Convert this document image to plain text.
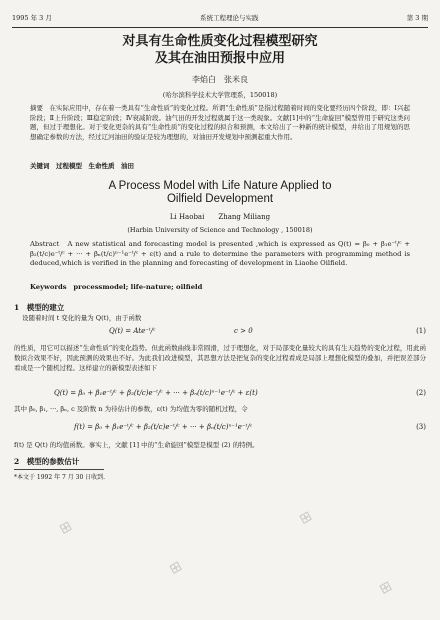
1995 年 3 月	系统工程理论与实践	第 3 期
对具有生命性质变化过程模型研究
及其在油田预报中应用
李焰白　张米良
(哈尔滨科学技术大学管理系，150018)
摘要　在实际应用中，存在着一类具有“生命性质”的变化过程。所谓“生命性质”是指过程随着时间的变化要经历四个阶段，即：Ⅰ兴起阶段；Ⅱ上升阶段；Ⅲ稳定阶段；Ⅳ衰减阶段。油气田的开发过程就属于这一类现象。文献[1]中的“生命旋回”模型曾用于研究这类问题，但过于理想化。对于变化更杂的具有“生命性质”的变化过程的拟合和预测，本文给出了一种新的统计模型，并给出了用规划的思想确定参数的方法，经过辽河油田的验证是较为理想的，对油田开发规划中预测起重大作用。
关键词　过程模型　生命性质　油田
A Process Model with Life Nature Applied to
Oilfield Development
Li Haobai　　Zhang Miliang
(Harbin University of Science and Technology , 150018)
Abstract　A new statistical and forecasting model is presented ,which is expressed as Q(t) = β₀ + β₁e⁻ᵗ/ᶜ + β₂(t/c)e⁻ᵗ/ᶜ + ··· + βₙ(t/c)ⁿ⁻¹e⁻ᵗ/ᶜ + ε(t) and a rule to determine the parameters with programming method is deduced,which is verified in the planning and forecasting of development in Liaohe Oilfield.
Keywords　processmodel; life-nature; oilfield
1　模型的建立
设随着时间 t 变化的量为 Q(t)，由于函数
Q(t) = Ate⁻ᵗ/ᶜ	c > 0	(1)
的性质，用它可以描述“生命性质”的变化趋势。但此函数曲线非常圆滑，过于理想化，对于局部变化量较大的具有生天趋势的变化过程，用此函数拟合效果不好，因此预测的效果也不好。为此我们改进模型，其思想方法是把复杂的变化过程看成是局部上理想化模型的叠加，并把误差部分看成是一个随机过程。这样建立的新模型表述如下
Q(t) = β₀ + β₁e⁻ᵗ/ᶜ + β₂(t/c)e⁻ᵗ/ᶜ + ··· + βₙ(t/c)ⁿ⁻¹e⁻ᵗ/ᶜ + ε(t)	(2)
其中 β₀, β₁, ···, βₙ, c 及阶数 n 为待估计的参数，ε(t) 为均值为零的随机过程，令
f(t) = β₀ + β₁e⁻ᵗ/ᶜ + β₂(t/c)e⁻ᵗ/ᶜ + ··· + βₙ(t/c)ⁿ⁻¹e⁻ᵗ/ᶜ	(3)
f(t) 是 Q(t) 的均值函数。事实上，文献 [1] 中的“生命旋回”模型是模型 (2) 的特例。
2　模型的参数估计
*本文于 1992 年 7 月 30 日收到.
⊞
⊞
⊞
⊞
